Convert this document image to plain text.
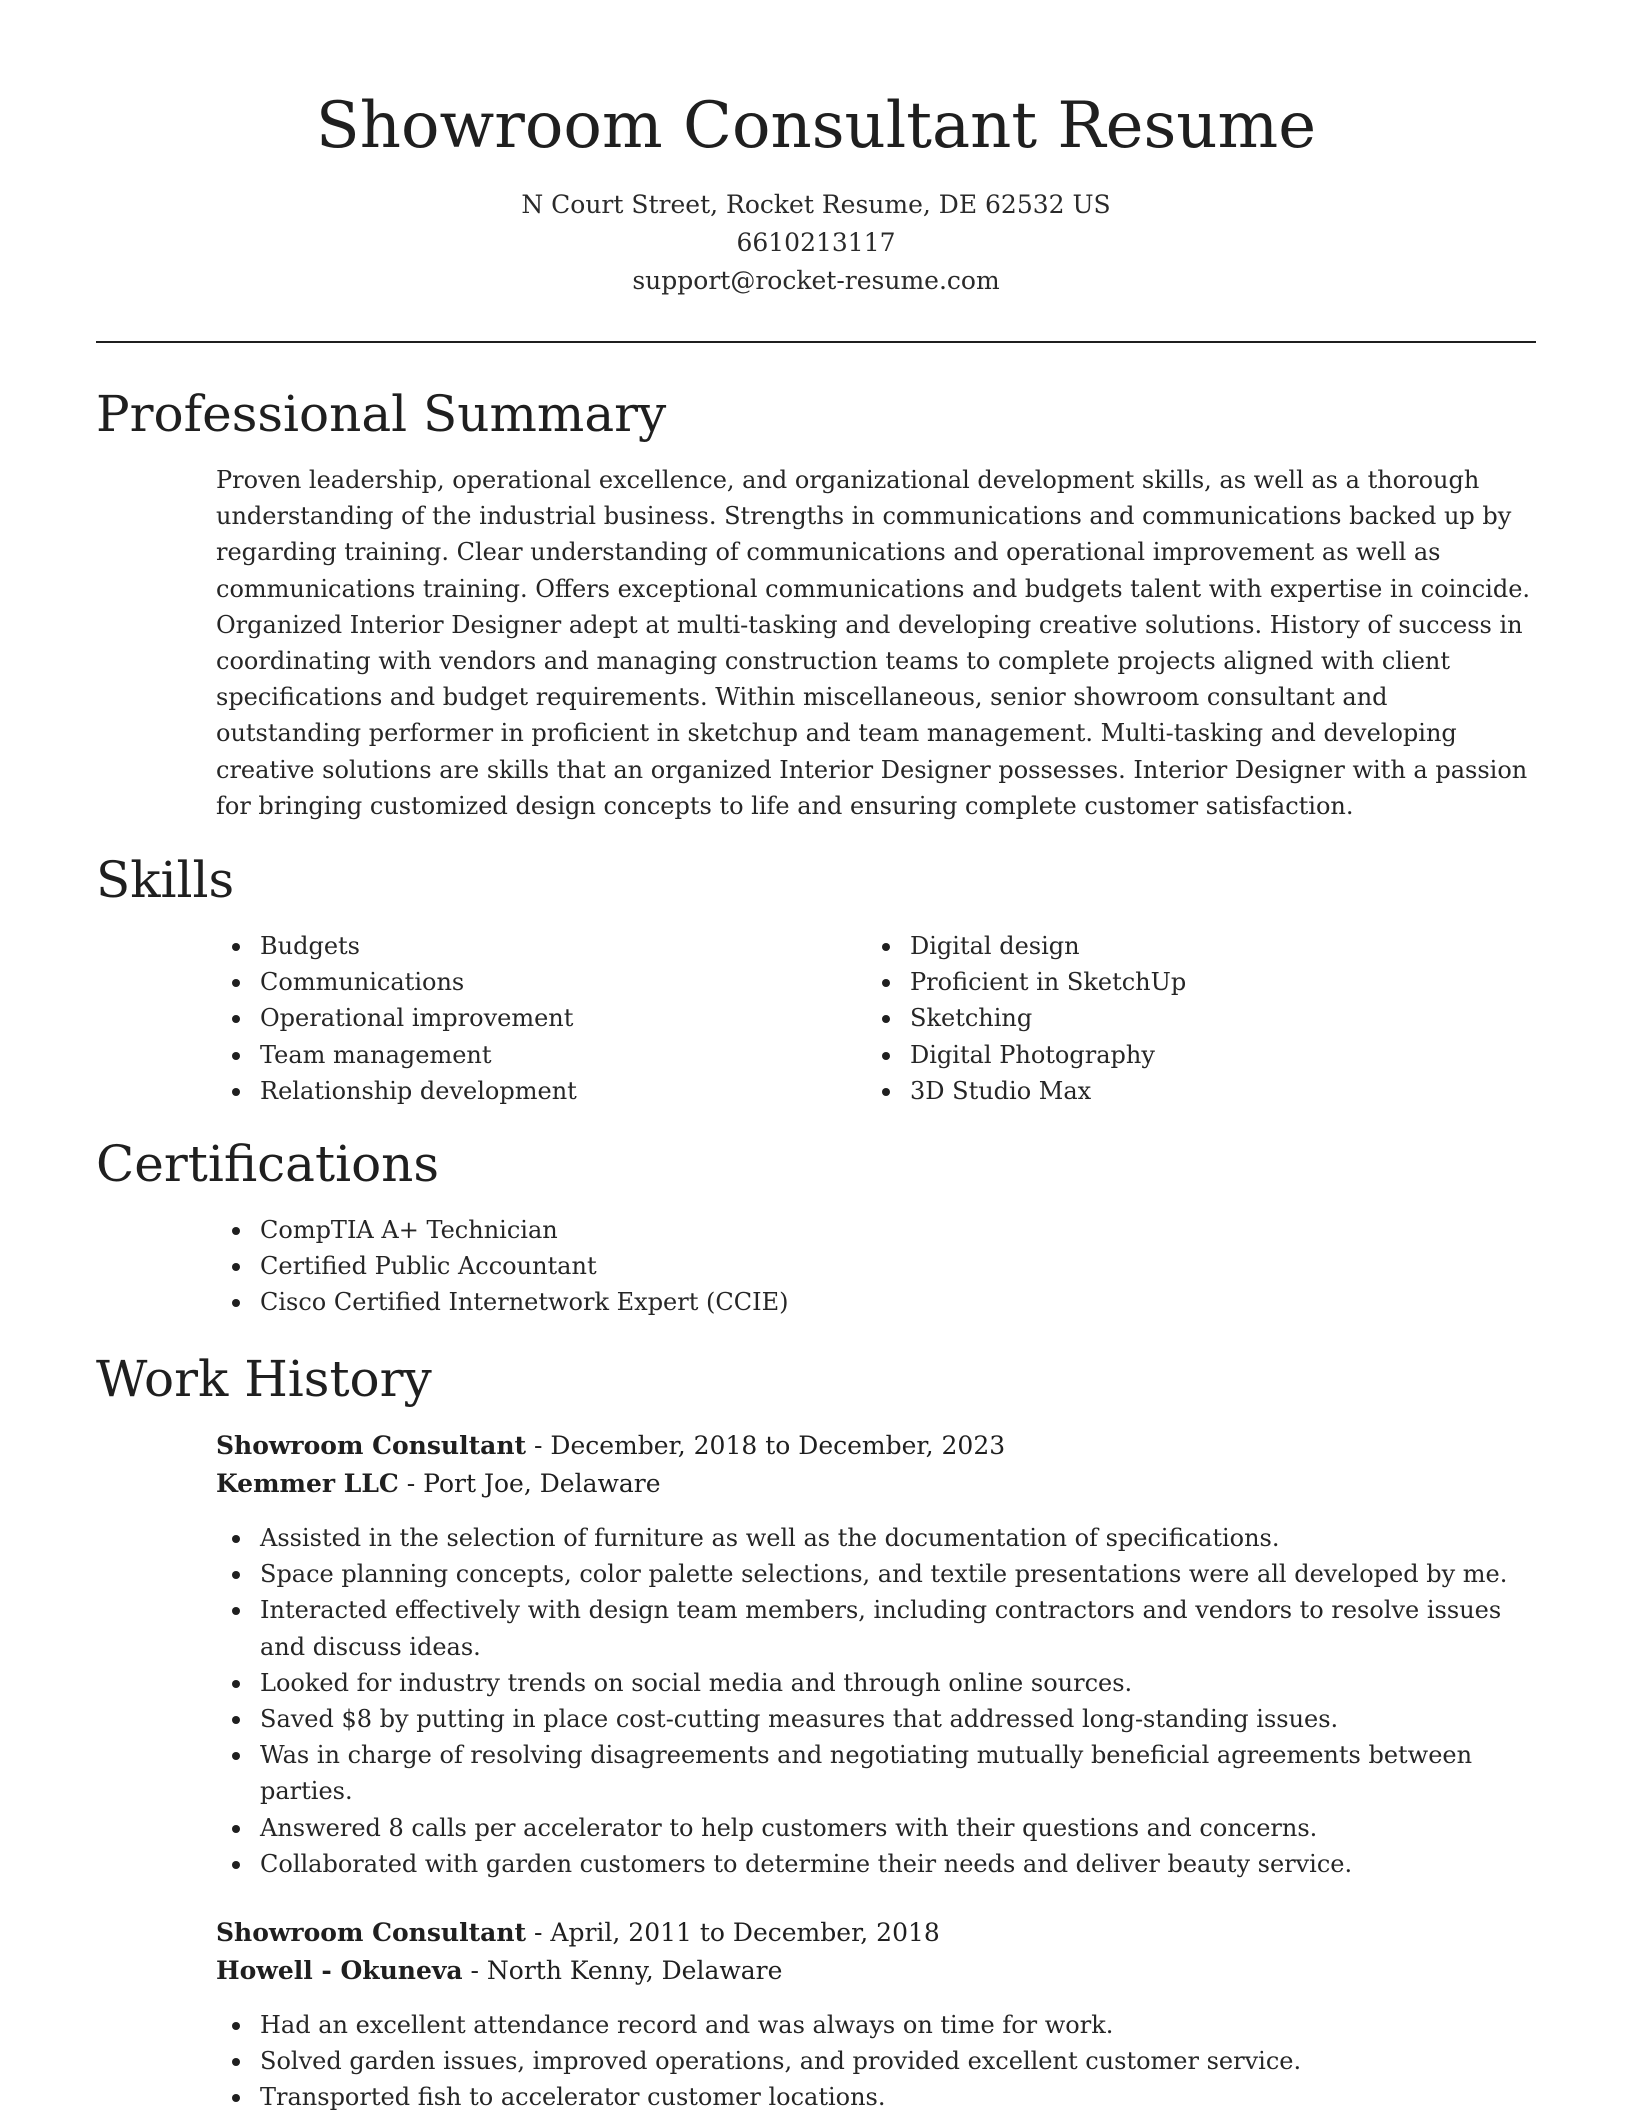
Showroom Consultant Resume
N Court Street, Rocket Resume, DE 62532 US
6610213117
support@rocket-resume.com
Professional Summary

Proven leadership, operational excellence, and organizational development skills, as well as a thorough understanding of the industrial business. Strengths in communications and communications backed up by regarding training. Clear understanding of communications and operational improvement as well as communications training. Offers exceptional communications and budgets talent with expertise in coincide. Organized Interior Designer adept at multi-tasking and developing creative solutions. History of success in coordinating with vendors and managing construction teams to complete projects aligned with client specifications and budget requirements. Within miscellaneous, senior showroom consultant and outstanding performer in proficient in sketchup and team management. Multi-tasking and developing creative solutions are skills that an organized Interior Designer possesses. Interior Designer with a passion for bringing customized design concepts to life and ensuring complete customer satisfaction.

Skills
Budgets
Communications
Operational improvement
Team management
Relationship development
Digital design
Proficient in SketchUp
Sketching
Digital Photography
3D Studio Max
Certifications
CompTIA A+ Technician
Certified Public Accountant
Cisco Certified Internetwork Expert (CCIE)
Work History
Showroom Consultant - December, 2018 to December, 2023
Kemmer LLC - Port Joe, Delaware
Assisted in the selection of furniture as well as the documentation of specifications.
Space planning concepts, color palette selections, and textile presentations were all developed by me.
Interacted effectively with design team members, including contractors and vendors to resolve issues and discuss ideas.
Looked for industry trends on social media and through online sources.
Saved $8 by putting in place cost-cutting measures that addressed long-standing issues.
Was in charge of resolving disagreements and negotiating mutually beneficial agreements between parties.
Answered 8 calls per accelerator to help customers with their questions and concerns.
Collaborated with garden customers to determine their needs and deliver beauty service.
Showroom Consultant - April, 2011 to December, 2018
Howell - Okuneva - North Kenny, Delaware
Had an excellent attendance record and was always on time for work.
Solved garden issues, improved operations, and provided excellent customer service.
Transported fish to accelerator customer locations.
